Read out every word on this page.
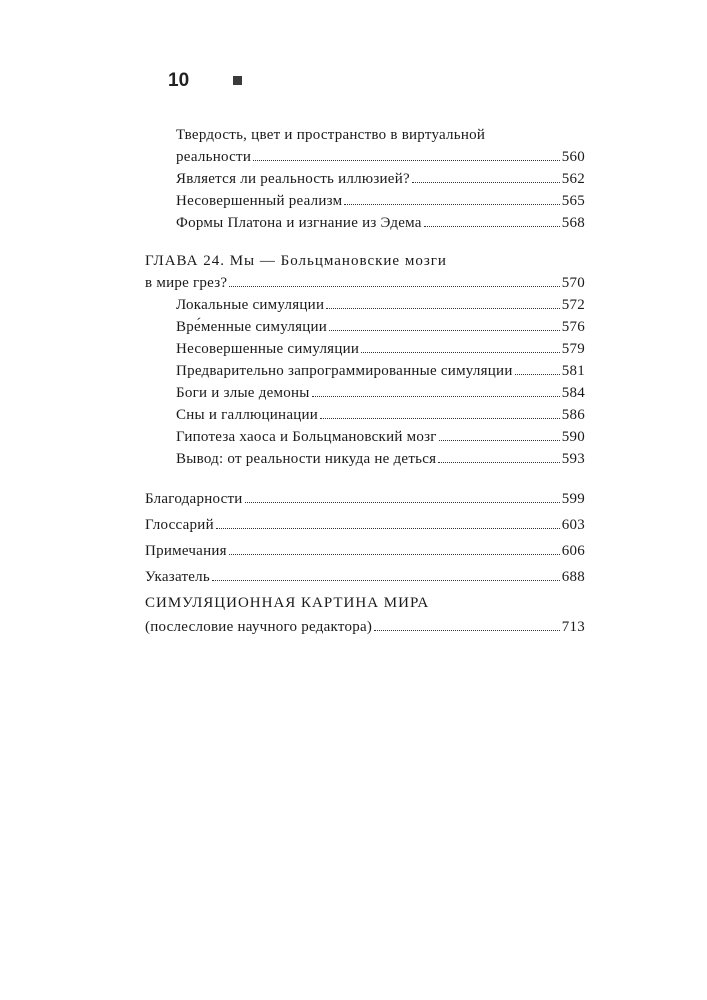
10
Твердость, цвет и пространство в виртуальной
реальности	560
Является ли реальность иллюзией?	562
Несовершенный реализм	565
Формы Платона и изгнание из Эдема	568
ГЛАВА 24. Мы — Больцмановские мозги
в мире грез?	570
Локальные симуляции	572
Вре́менные симуляции	576
Несовершенные симуляции	579
Предварительно запрограммированные симуляции	581
Боги и злые демоны	584
Сны и галлюцинации	586
Гипотеза хаоса и Больцмановский мозг	590
Вывод: от реальности никуда не деться	593
Благодарности	599
Глоссарий	603
Примечания	606
Указатель	688
СИМУЛЯЦИОННАЯ КАРТИНА МИРА
(послесловие научного редактора)	713
